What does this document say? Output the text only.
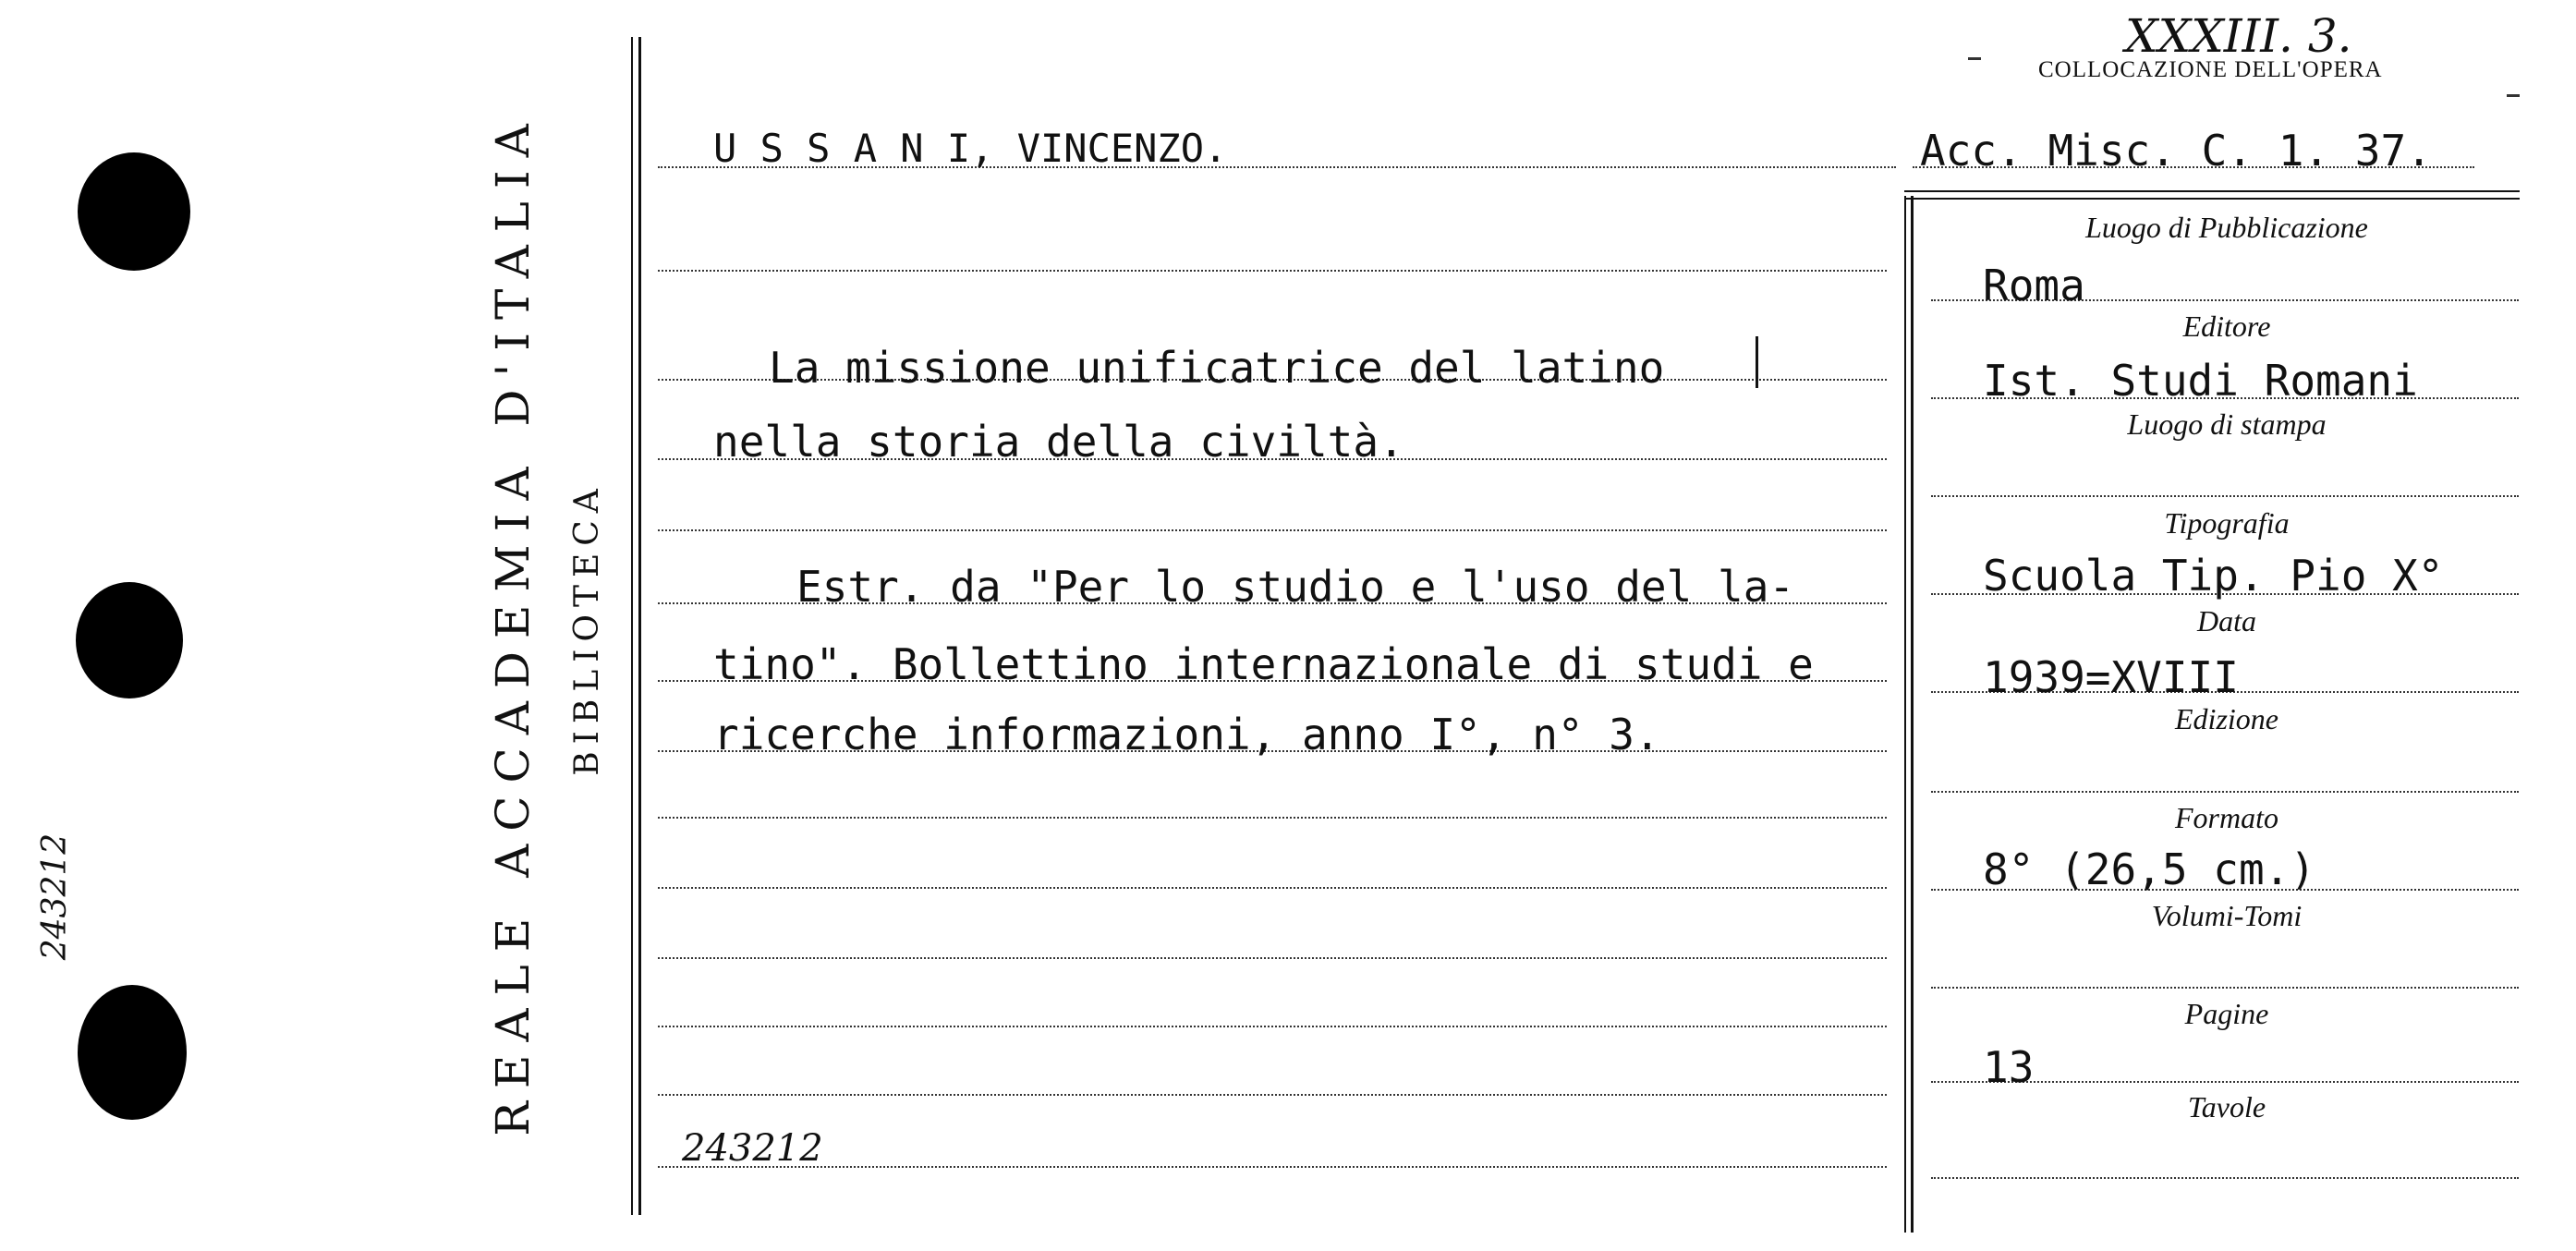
243212	REALE ACCADEMIA D'ITALIA BIBLIOTECA
XXXIII. 3.
COLLOCAZIONE DELL'OPERA
U S S A N I, VINCENZO.	Acc. Misc. C. 1. 37.
La missione unificatrice del latino
nella storia della civiltà.
Estr. da "Per lo studio e l'uso del la-
tino". Bollettino internazionale di studi e
ricerche informazioni, anno I°, n° 3.
243212
Luogo di Pubblicazione
Editore
Luogo di stampa
Tipografia
Data
Edizione
Formato
Volumi-Tomi
Pagine
Tavole
Roma
Ist. Studi Romani
Scuola Tip. Pio X°
1939=XVIII
8° (26,5 cm.)
13
